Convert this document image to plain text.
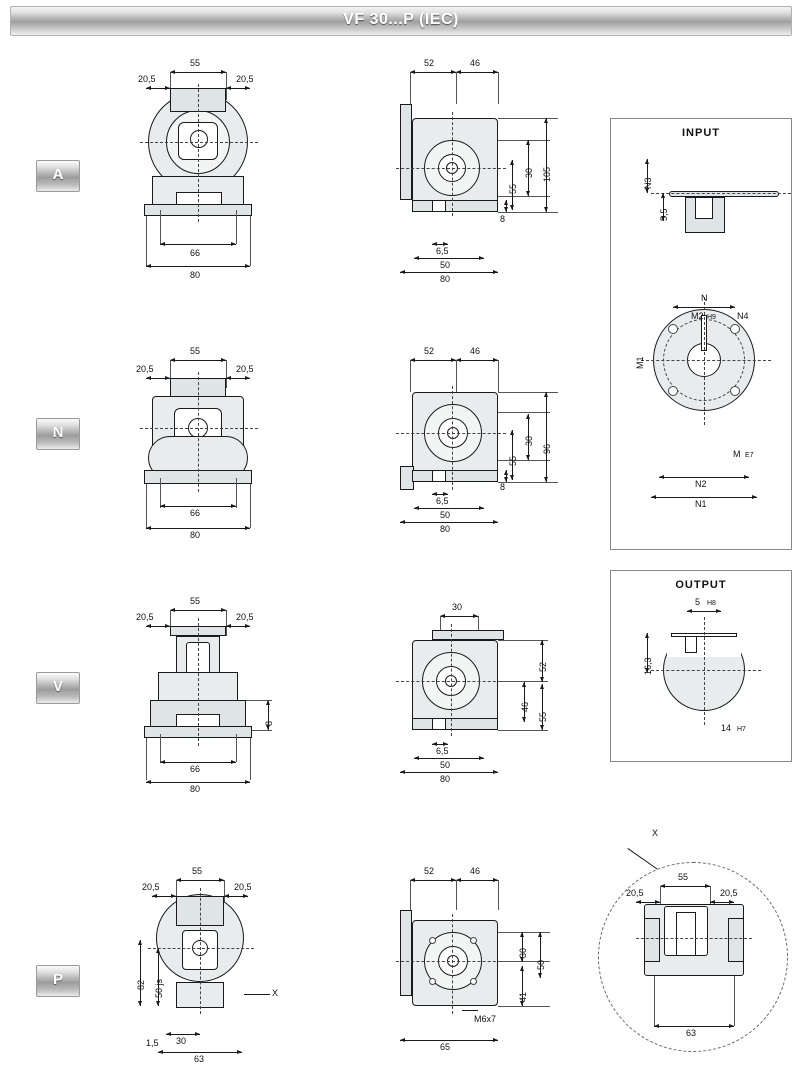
VF 30...P (IEC)
A
N
V
P
55
20,5	20,5
66
80
52	46
30 105
55
8
6,5
50
80
INPUT
N3
5,5
N
M2 H9 N4
M1
M E7
N2
N1
OUTPUT
5 H8
16,3
14 H7
55
20,5	20,5
66
80
52	46
30
96
55
8
6,5
50
80
55
20,5	20,5
8
66
80
30
52
46
55
6,5
50
80
55
20,5	20,5
82 50 js
1,5 30
63
X
52	46
30
50
41
65
M6x7
X
55
20,5	20,5
63
